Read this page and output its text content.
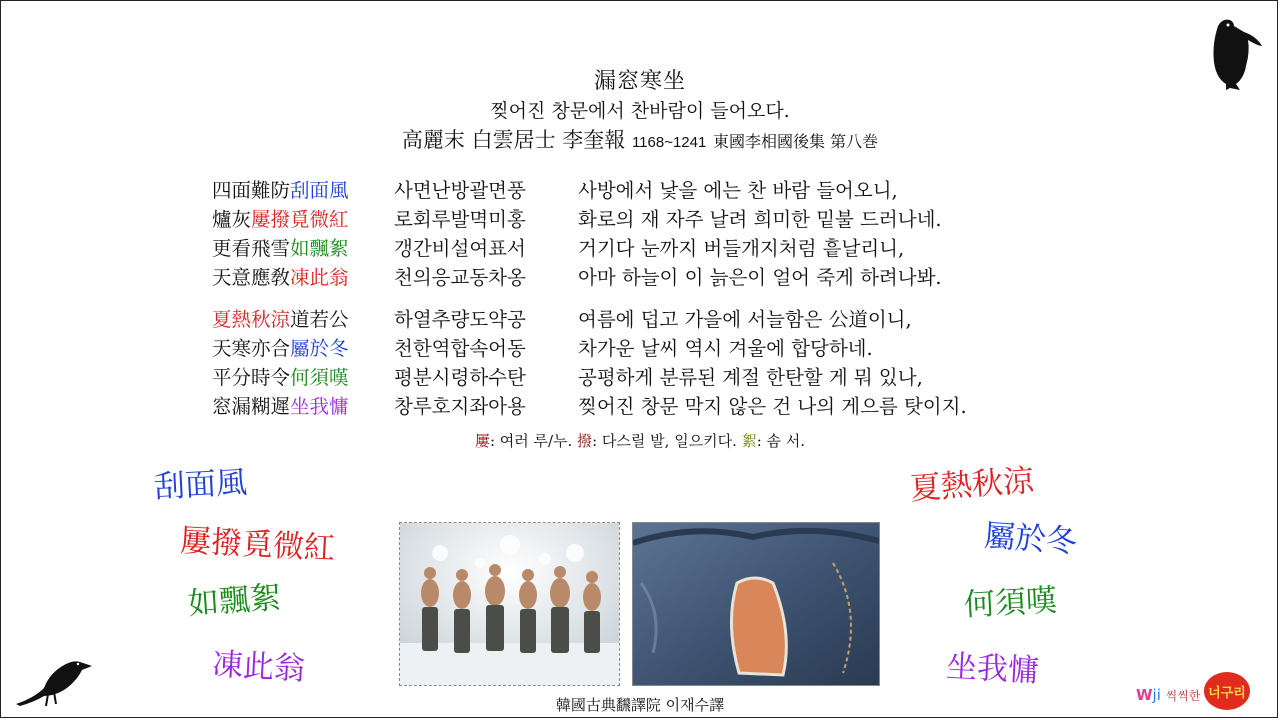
漏窓寒坐
찢어진 창문에서 찬바람이 들어오다.
高麗末 白雲居士 李奎報 1168~1241 東國李相國後集 第八巻
四面難防刮面風 사면난방괄면풍	사방에서 낯을 에는 찬 바람 들어오니,
爐灰屢撥覓微紅 로회루발멱미홍	화로의 재 자주 날려 희미한 밑불 드러나네.
更看飛雪如飄絮 갱간비설여표서	거기다 눈까지 버들개지처럼 흩날리니,
天意應敎凍此翁 천의응교동차옹	아마 하늘이 이 늙은이 얼어 죽게 하려나봐.
夏熱秋涼道若公 하열추량도약공	여름에 덥고 가을에 서늘함은 公道이니,
天寒亦合屬於冬 천한역합속어동	차가운 날씨 역시 겨울에 합당하네.
平分時令何須嘆 평분시령하수탄	공평하게 분류된 계절 한탄할 게 뭐 있나,
窓漏糊遲坐我慵 창루호지좌아용	찢어진 창문 막지 않은 건 나의 게으름 탓이지.
屢: 여러 루/누. 撥: 다스릴 발, 일으키다. 絮: 솜 서.
刮面風
屢撥覓微紅
如飄絮
凍此翁
夏熱秋涼
屬於冬
何須嘆
坐我慵
韓國古典飜譯院 이재수譯
Wji 씩씩한 너구리
